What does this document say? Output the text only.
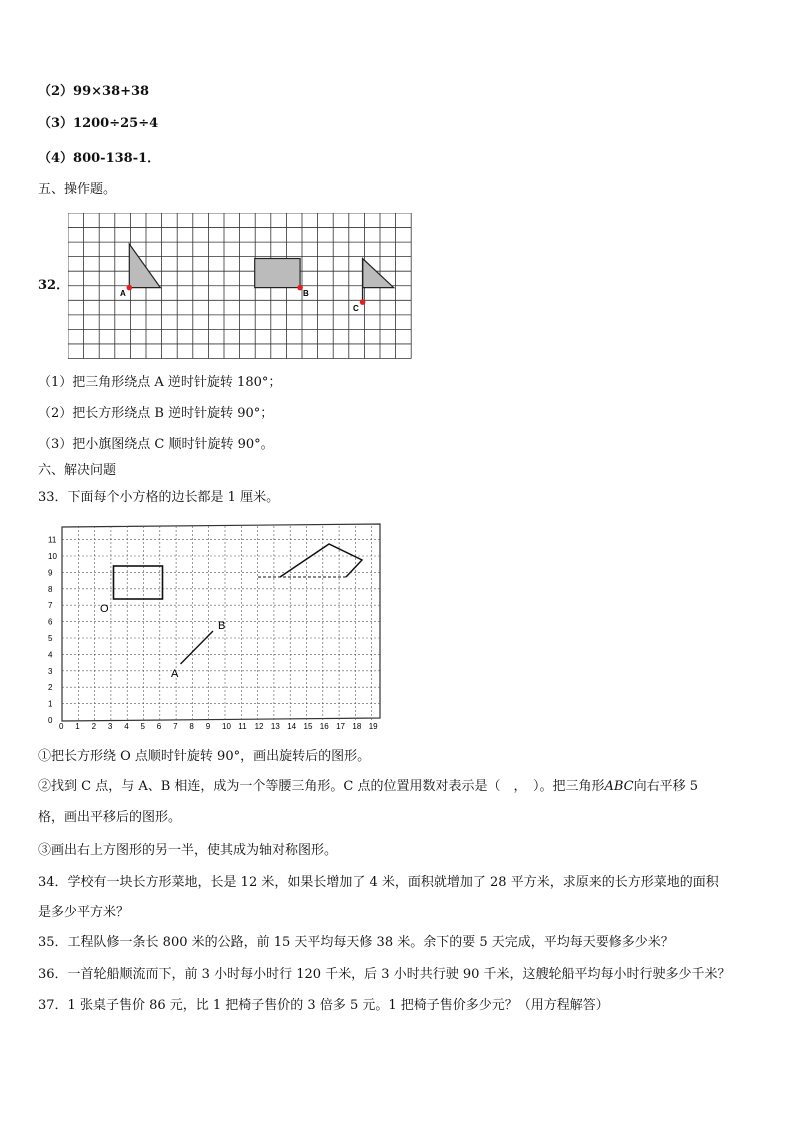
（2）99×38+38
（3）1200÷25÷4
（4）800-138-1．
五、操作题。
32．
A	B
C
（1）把三角形绕点 A 逆时针旋转 180°；
（2）把长方形绕点 B 逆时针旋转 90°；
（3）把小旗图绕点 C 顺时针旋转 90°。
六、解决问题
33．下面每个小方格的边长都是 1 厘米。
0 1 2 3 4 5 6 7 8 9 10 11 12 13 14 15 16 17 18 19
0
1
2
3
4
5
6
7
8
9
10
11
O
A
B
①把长方形绕 O 点顺时针旋转 90°，画出旋转后的图形。
②找到 C 点，与 A、B 相连，成为一个等腰三角形。C 点的位置用数对表示是（　，　）。把三角形ABC向右平移 5
格，画出平移后的图形。
③画出右上方图形的另一半，使其成为轴对称图形。
34．学校有一块长方形菜地，长是 12 米，如果长增加了 4 米，面积就增加了 28 平方米，求原来的长方形菜地的面积
是多少平方米？
35．工程队修一条长 800 米的公路，前 15 天平均每天修 38 米。余下的要 5 天完成，平均每天要修多少米？
36．一首轮船顺流而下，前 3 小时每小时行 120 千米，后 3 小时共行驶 90 千米，这艘轮船平均每小时行驶多少千米？
37．1 张桌子售价 86 元，比 1 把椅子售价的 3 倍多 5 元。1 把椅子售价多少元？（用方程解答）
